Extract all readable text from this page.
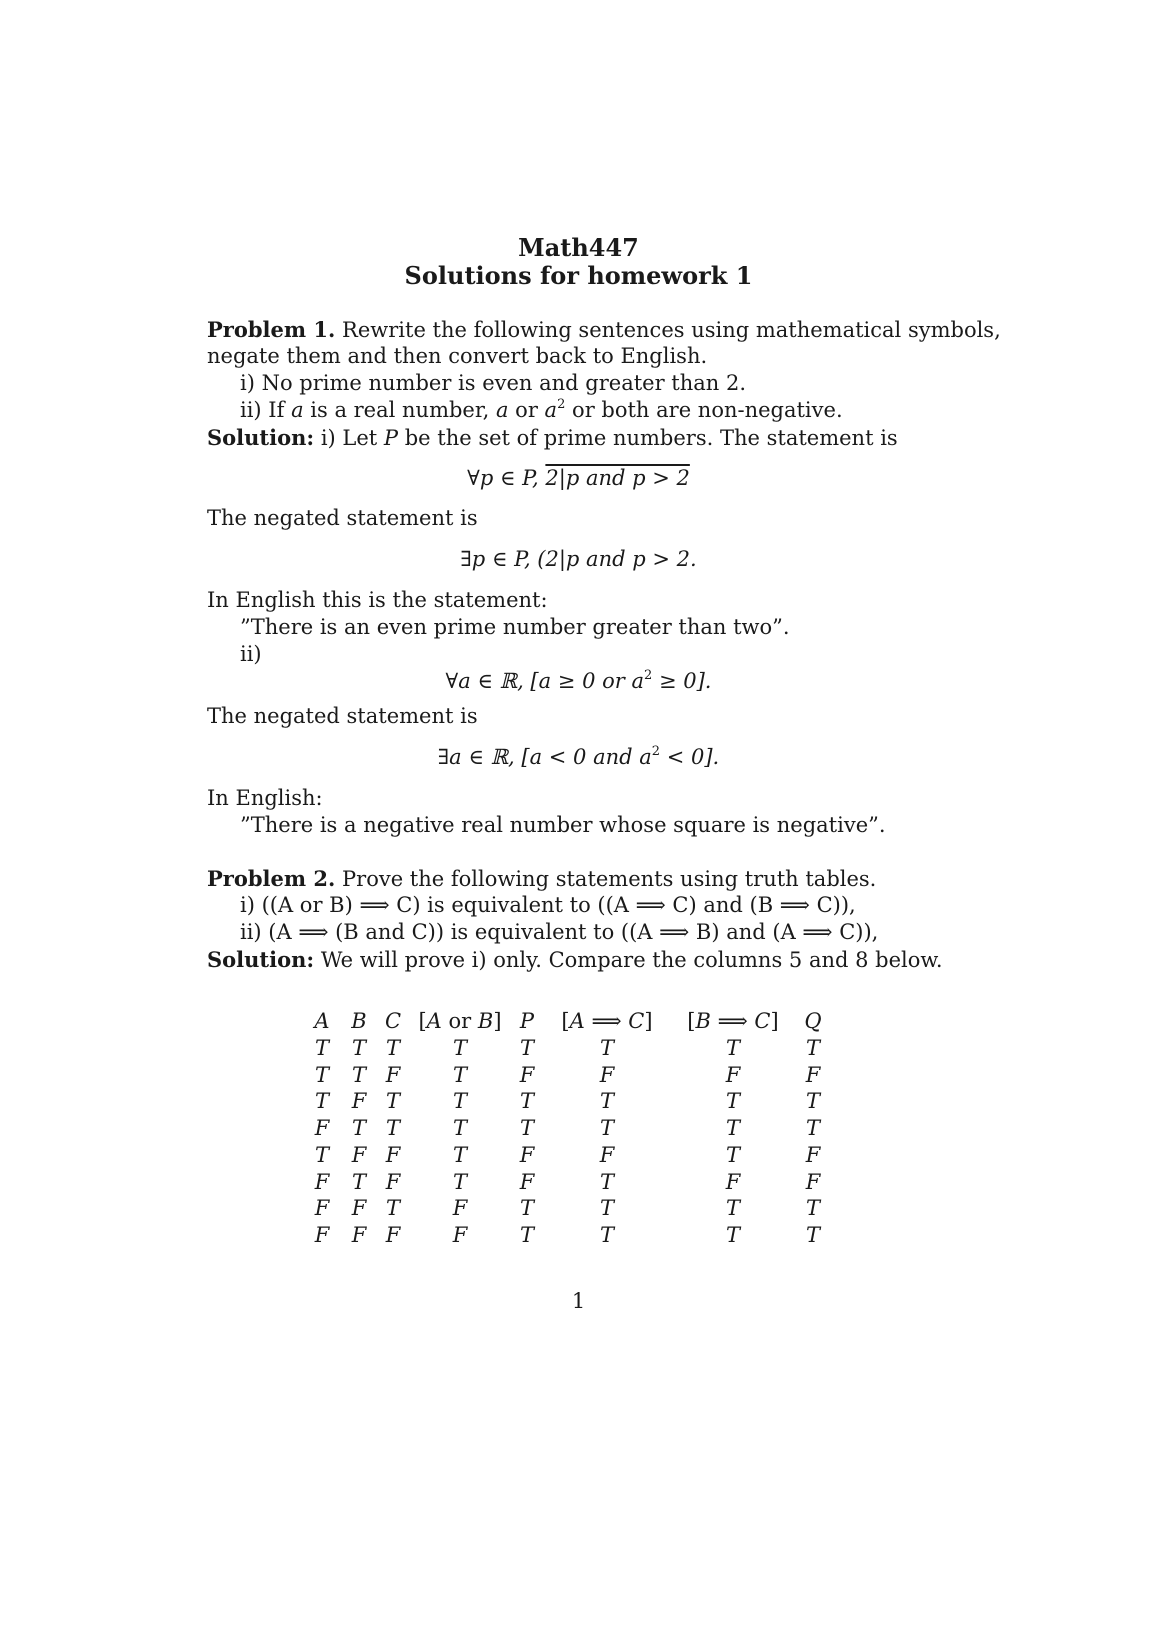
Math447
Solutions for homework 1
Problem 1. Rewrite the following sentences using mathematical symbols,
negate them and then convert back to English.
i) No prime number is even and greater than 2.
ii) If a is a real number, a or $a^2$ or both are non-negative.
Solution: i) Let P be the set of prime numbers. The statement is
∀p ∈ P, 2|p and p > 2
The negated statement is
∃p ∈ P, (2|p and p > 2.
In English this is the statement:
”There is an even prime number greater than two”.
ii)
∀a ∈ ℝ, [a ≥ 0 or $a^2 \ge 0$].
The negated statement is
∃a ∈ ℝ, [a < 0 and $a^2 < 0$].
In English:
”There is a negative real number whose square is negative”.
Problem 2. Prove the following statements using truth tables.
i) ((A or B) ⟹ C) is equivalent to ((A ⟹ C) and (B ⟹ C)),
ii) (A ⟹ (B and C)) is equivalent to ((A ⟹ B) and (A ⟹ C)),
Solution: We will prove i) only. Compare the columns 5 and 8 below.
A B C [A or B] P [A ⟹ C] [B ⟹ C] Q
T T T	T	T	T	T	T
T T F	T	F	F	F	F
T F T	T	T	T	T	T
F T T	T	T	T	T	T
T F F	T	F	F	T	F
F T F	T	F	T	F	F
F F T	F	T	T	T	T
F F F F	T	T	T	T
1
